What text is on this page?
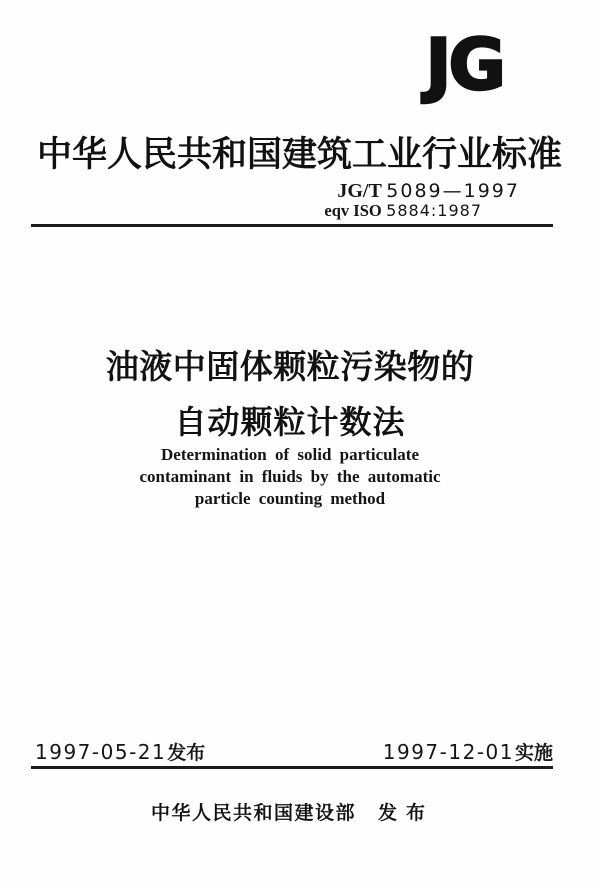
JG
中华人民共和国建筑工业行业标准
JG/T 5089—1997
eqv ISO 5884:1987
油液中固体颗粒污染物的
自动颗粒计数法
Determination of solid particulate
contaminant in fluids by the automatic
particle counting method
1997-05-21发布	1997-12-01实施
中华人民共和国建设部 发布
